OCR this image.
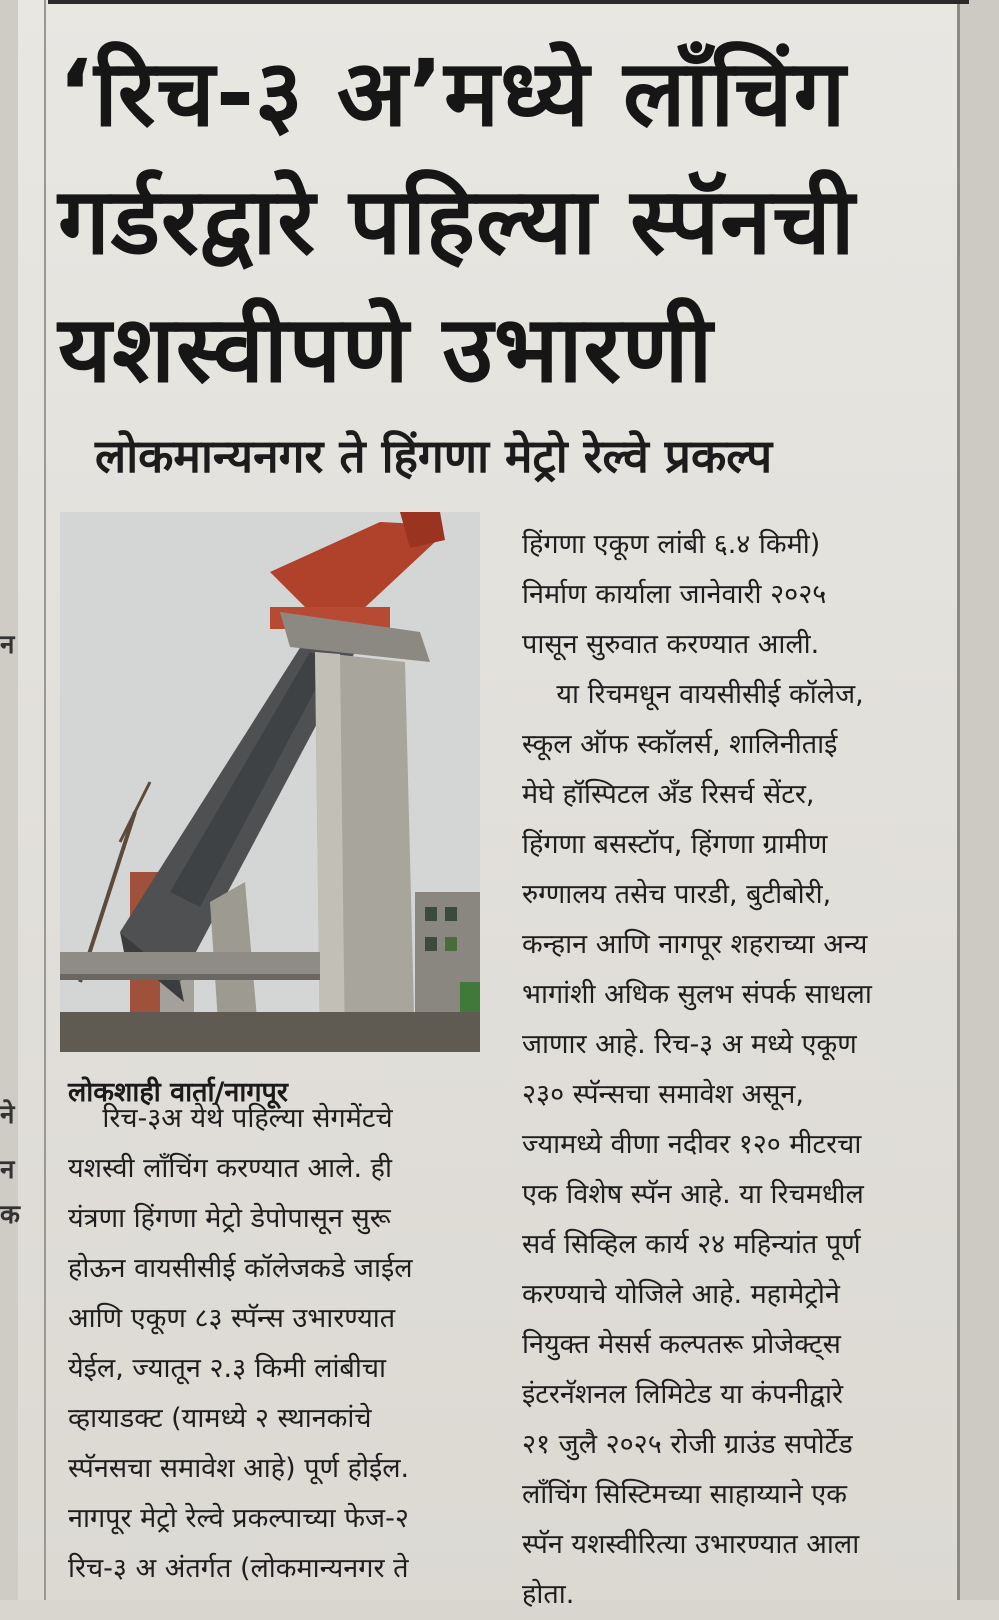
न
ने
न
क
‘रिच-३ अ’मध्ये लाँचिंग
गर्डरद्वारे पहिल्या स्पॅनची
यशस्वीपणे उभारणी
लोकमान्यनगर ते हिंगणा मेट्रो रेल्वे प्रकल्प
लोकशाही वार्ता/नागपूर
रिच-३अ येथे पहिल्या सेगमेंटचे
यशस्वी लाँचिंग करण्यात आले. ही
यंत्रणा हिंगणा मेट्रो डेपोपासून सुरू
होऊन वायसीसीई कॉलेजकडे जाईल
आणि एकूण ८३ स्पॅन्स उभारण्यात
येईल, ज्यातून २.३ किमी लांबीचा
व्हायाडक्ट (यामध्ये २ स्थानकांचे
स्पॅनसचा समावेश आहे) पूर्ण होईल.
नागपूर मेट्रो रेल्वे प्रकल्पाच्या फेज-२
रिच-३ अ अंतर्गत (लोकमान्यनगर ते
हिंगणा एकूण लांबी ६.४ किमी)
निर्माण कार्याला जानेवारी २०२५
पासून सुरुवात करण्यात आली.
या रिचमधून वायसीसीई कॉलेज,
स्कूल ऑफ स्कॉलर्स, शालिनीताई
मेघे हॉस्पिटल अँड रिसर्च सेंटर,
हिंगणा बसस्टॉप, हिंगणा ग्रामीण
रुग्णालय तसेच पारडी, बुटीबोरी,
कन्हान आणि नागपूर शहराच्या अन्य
भागांशी अधिक सुलभ संपर्क साधला
जाणार आहे. रिच-३ अ मध्ये एकूण
२३० स्पॅन्सचा समावेश असून,
ज्यामध्ये वीणा नदीवर १२० मीटरचा
एक विशेष स्पॅन आहे. या रिचमधील
सर्व सिव्हिल कार्य २४ महिन्यांत पूर्ण
करण्याचे योजिले आहे. महामेट्रोने
नियुक्त मेसर्स कल्पतरू प्रोजेक्ट्स
इंटरनॅशनल लिमिटेड या कंपनीद्वारे
२१ जुलै २०२५ रोजी ग्राउंड सपोर्टेड
लाँचिंग सिस्टिमच्या साहाय्याने एक
स्पॅन यशस्वीरित्या उभारण्यात आला
होता.
